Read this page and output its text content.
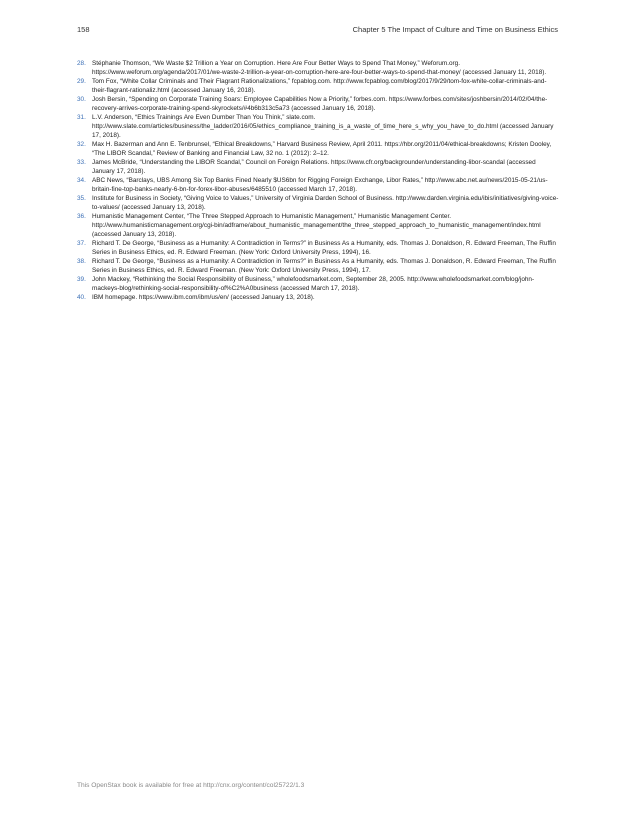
158	Chapter 5 The Impact of Culture and Time on Business Ethics
28. Stéphanie Thomson, “We Waste $2 Trillion a Year on Corruption. Here Are Four Better Ways to Spend That Money,” Weforum.org. https://www.weforum.org/agenda/2017/01/we-waste-2-trillion-a-year-on-corruption-here-are-four-better-ways-to-spend-that-money/ (accessed January 11, 2018).
29. Tom Fox, “White Collar Criminals and Their Flagrant Rationalizations,” fcpablog.com. http://www.fcpablog.com/blog/2017/9/29/tom-fox-white-collar-criminals-and-their-flagrant-rationaliz.html (accessed January 16, 2018).
30. Josh Bersin, “Spending on Corporate Training Soars: Employee Capabilities Now a Priority,” forbes.com. https://www.forbes.com/sites/joshbersin/2014/02/04/the-recovery-arrives-corporate-training-spend-skyrockets/#4b6b313c5a73 (accessed January 16, 2018).
31. L.V. Anderson, “Ethics Trainings Are Even Dumber Than You Think,” slate.com. http://www.slate.com/articles/business/the_ladder/2016/05/ethics_compliance_training_is_a_waste_of_time_here_s_why_you_have_to_do.html (accessed January 17, 2018).
32. Max H. Bazerman and Ann E. Tenbrunsel, “Ethical Breakdowns,” Harvard Business Review, April 2011. https://hbr.org/2011/04/ethical-breakdowns; Kristen Dooley, “The LIBOR Scandal,” Review of Banking and Financial Law, 32 no. 1 (2012): 2–12.
33. James McBride, “Understanding the LIBOR Scandal,” Council on Foreign Relations. https://www.cfr.org/backgrounder/understanding-libor-scandal (accessed January 17, 2018).
34. ABC News, “Barclays, UBS Among Six Top Banks Fined Nearly $US6bn for Rigging Foreign Exchange, Libor Rates,” http://www.abc.net.au/news/2015-05-21/us-britain-fine-top-banks-nearly-6-bn-for-forex-libor-abuses/6485510 (accessed March 17, 2018).
35. Institute for Business in Society, “Giving Voice to Values,” University of Virginia Darden School of Business. http://www.darden.virginia.edu/ibis/initiatives/giving-voice-to-values/ (accessed January 13, 2018).
36. Humanistic Management Center, “The Three Stepped Approach to Humanistic Management,” Humanistic Management Center. http://www.humanisticmanagement.org/cgi-bin/adframe/about_humanistic_management/the_three_stepped_approach_to_humanistic_management/index.html (accessed January 13, 2018).
37. Richard T. De George, “Business as a Humanity: A Contradiction in Terms?” in Business As a Humanity, eds. Thomas J. Donaldson, R. Edward Freeman, The Ruffin Series in Business Ethics, ed. R. Edward Freeman. (New York: Oxford University Press, 1994), 16.
38. Richard T. De George, “Business as a Humanity: A Contradiction in Terms?” in Business As a Humanity, eds. Thomas J. Donaldson, R. Edward Freeman, The Ruffin Series in Business Ethics, ed. R. Edward Freeman. (New York: Oxford University Press, 1994), 17.
39. John Mackey, “Rethinking the Social Responsibility of Business,” wholefoodsmarket.com, September 28, 2005. http://www.wholefoodsmarket.com/blog/john-mackeys-blog/rethinking-social-responsibility-of%C2%A0business (accessed March 17, 2018).
40. IBM homepage. https://www.ibm.com/ibm/us/en/ (accessed January 13, 2018).
This OpenStax book is available for free at http://cnx.org/content/col25722/1.3
